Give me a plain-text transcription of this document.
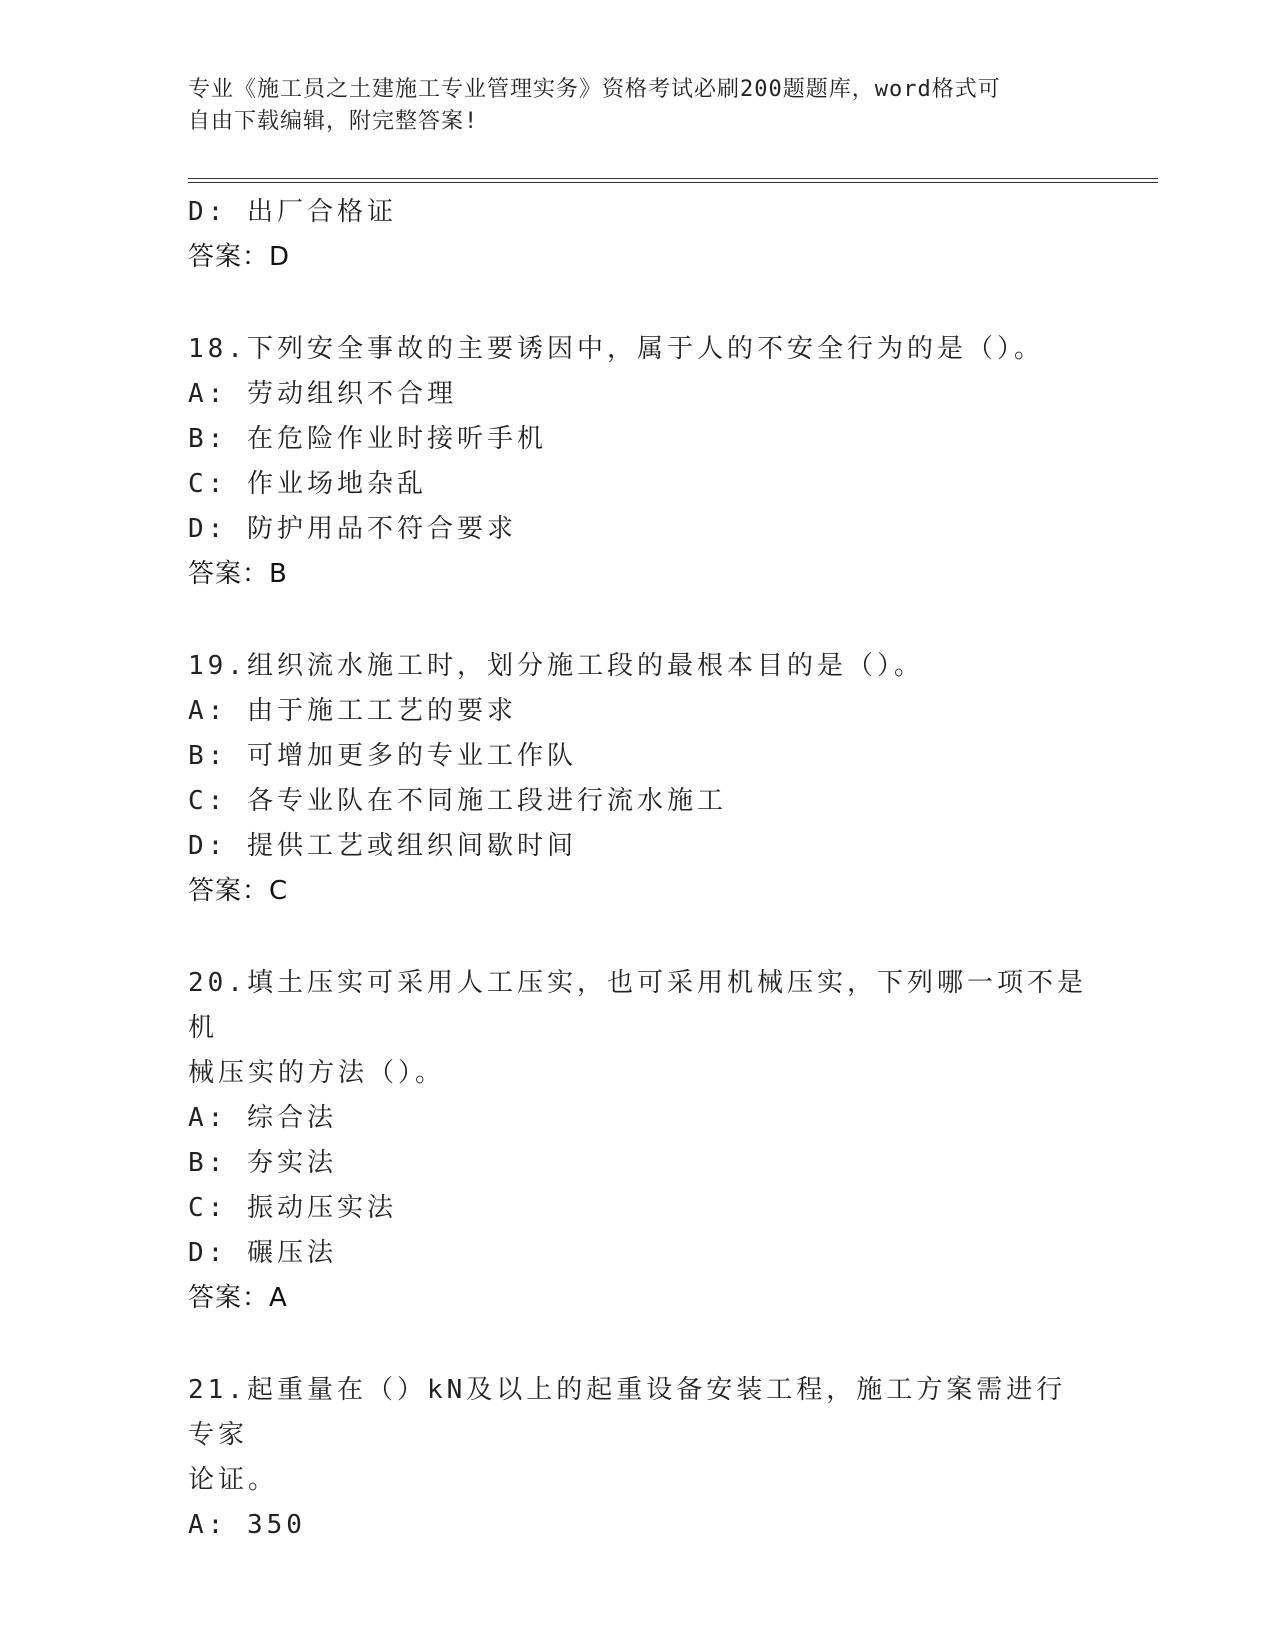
专业《施工员之土建施工专业管理实务》资格考试必刷200题题库，word格式可
自由下载编辑，附完整答案!
D: 出厂合格证
答案：D
18.下列安全事故的主要诱因中，属于人的不安全行为的是（）。
A: 劳动组织不合理
B: 在危险作业时接听手机
C: 作业场地杂乱
D: 防护用品不符合要求
答案：B
19.组织流水施工时，划分施工段的最根本目的是（）。
A: 由于施工工艺的要求
B: 可增加更多的专业工作队
C: 各专业队在不同施工段进行流水施工
D: 提供工艺或组织间歇时间
答案：C
20.填土压实可采用人工压实，也可采用机械压实，下列哪一项不是机
械压实的方法（）。
A: 综合法
B: 夯实法
C: 振动压实法
D: 碾压法
答案：A
21.起重量在（）kN及以上的起重设备安装工程，施工方案需进行专家
论证。
A: 350
